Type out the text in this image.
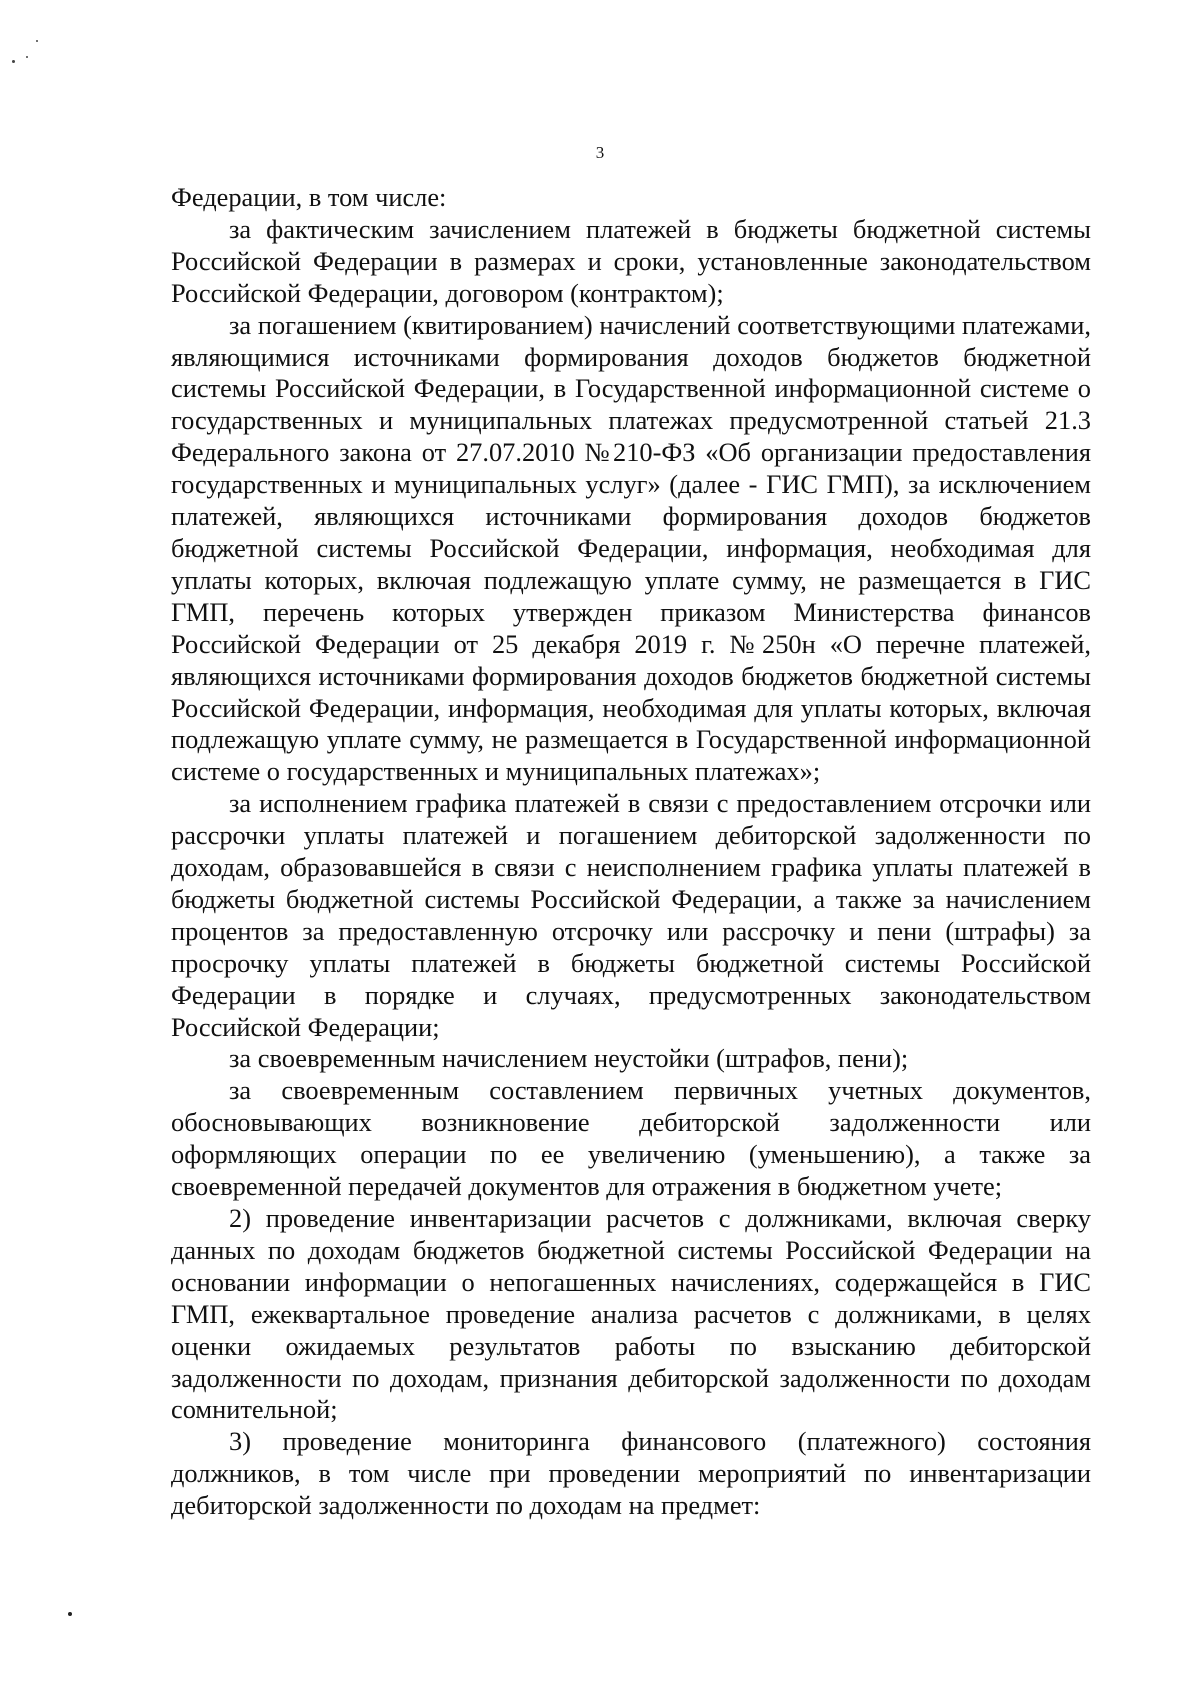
3

Федерации, в том числе:

за фактическим зачислением платежей в бюджеты бюджетной системы Российской Федерации в размерах и сроки, установленные законодательством Российской Федерации, договором (контрактом);

за погашением (квитированием) начислений соответствующими платежами, являющимися источниками формирования доходов бюджетов бюджетной системы Российской Федерации, в Государственной информационной системе о государственных и муниципальных платежах предусмотренной статьей 21.3 Федерального закона от 27.07.2010 №210-ФЗ «Об организации предоставления государственных и муниципальных услуг» (далее - ГИС ГМП), за исключением платежей, являющихся источниками формирования доходов бюджетов бюджетной системы Российской Федерации, информация, необходимая для уплаты которых, включая подлежащую уплате сумму, не размещается в ГИС ГМП, перечень которых утвержден приказом Министерства финансов Российской Федерации от 25 декабря 2019 г. №250н «О перечне платежей, являющихся источниками формирования доходов бюджетов бюджетной системы Российской Федерации, информация, необходимая для уплаты которых, включая подлежащую уплате сумму, не размещается в Государственной информационной системе о государственных и муниципальных платежах»;

за исполнением графика платежей в связи с предоставлением отсрочки или рассрочки уплаты платежей и погашением дебиторской задолженности по доходам, образовавшейся в связи с неисполнением графика уплаты платежей в бюджеты бюджетной системы Российской Федерации, а также за начислением процентов за предоставленную отсрочку или рассрочку и пени (штрафы) за просрочку уплаты платежей в бюджеты бюджетной системы Российской Федерации в порядке и случаях, предусмотренных законодательством Российской Федерации;

за своевременным начислением неустойки (штрафов, пени);

за своевременным составлением первичных учетных документов, обосновывающих возникновение дебиторской задолженности или оформляющих операции по ее увеличению (уменьшению), а также за своевременной передачей документов для отражения в бюджетном учете;

2) проведение инвентаризации расчетов с должниками, включая сверку данных по доходам бюджетов бюджетной системы Российской Федерации на основании информации о непогашенных начислениях, содержащейся в ГИС ГМП, ежеквартальное проведение анализа расчетов с должниками, в целях оценки ожидаемых результатов работы по взысканию дебиторской задолженности по доходам, признания дебиторской задолженности по доходам сомнительной;

3) проведение мониторинга финансового (платежного) состояния должников, в том числе при проведении мероприятий по инвентаризации дебиторской задолженности по доходам на предмет:
